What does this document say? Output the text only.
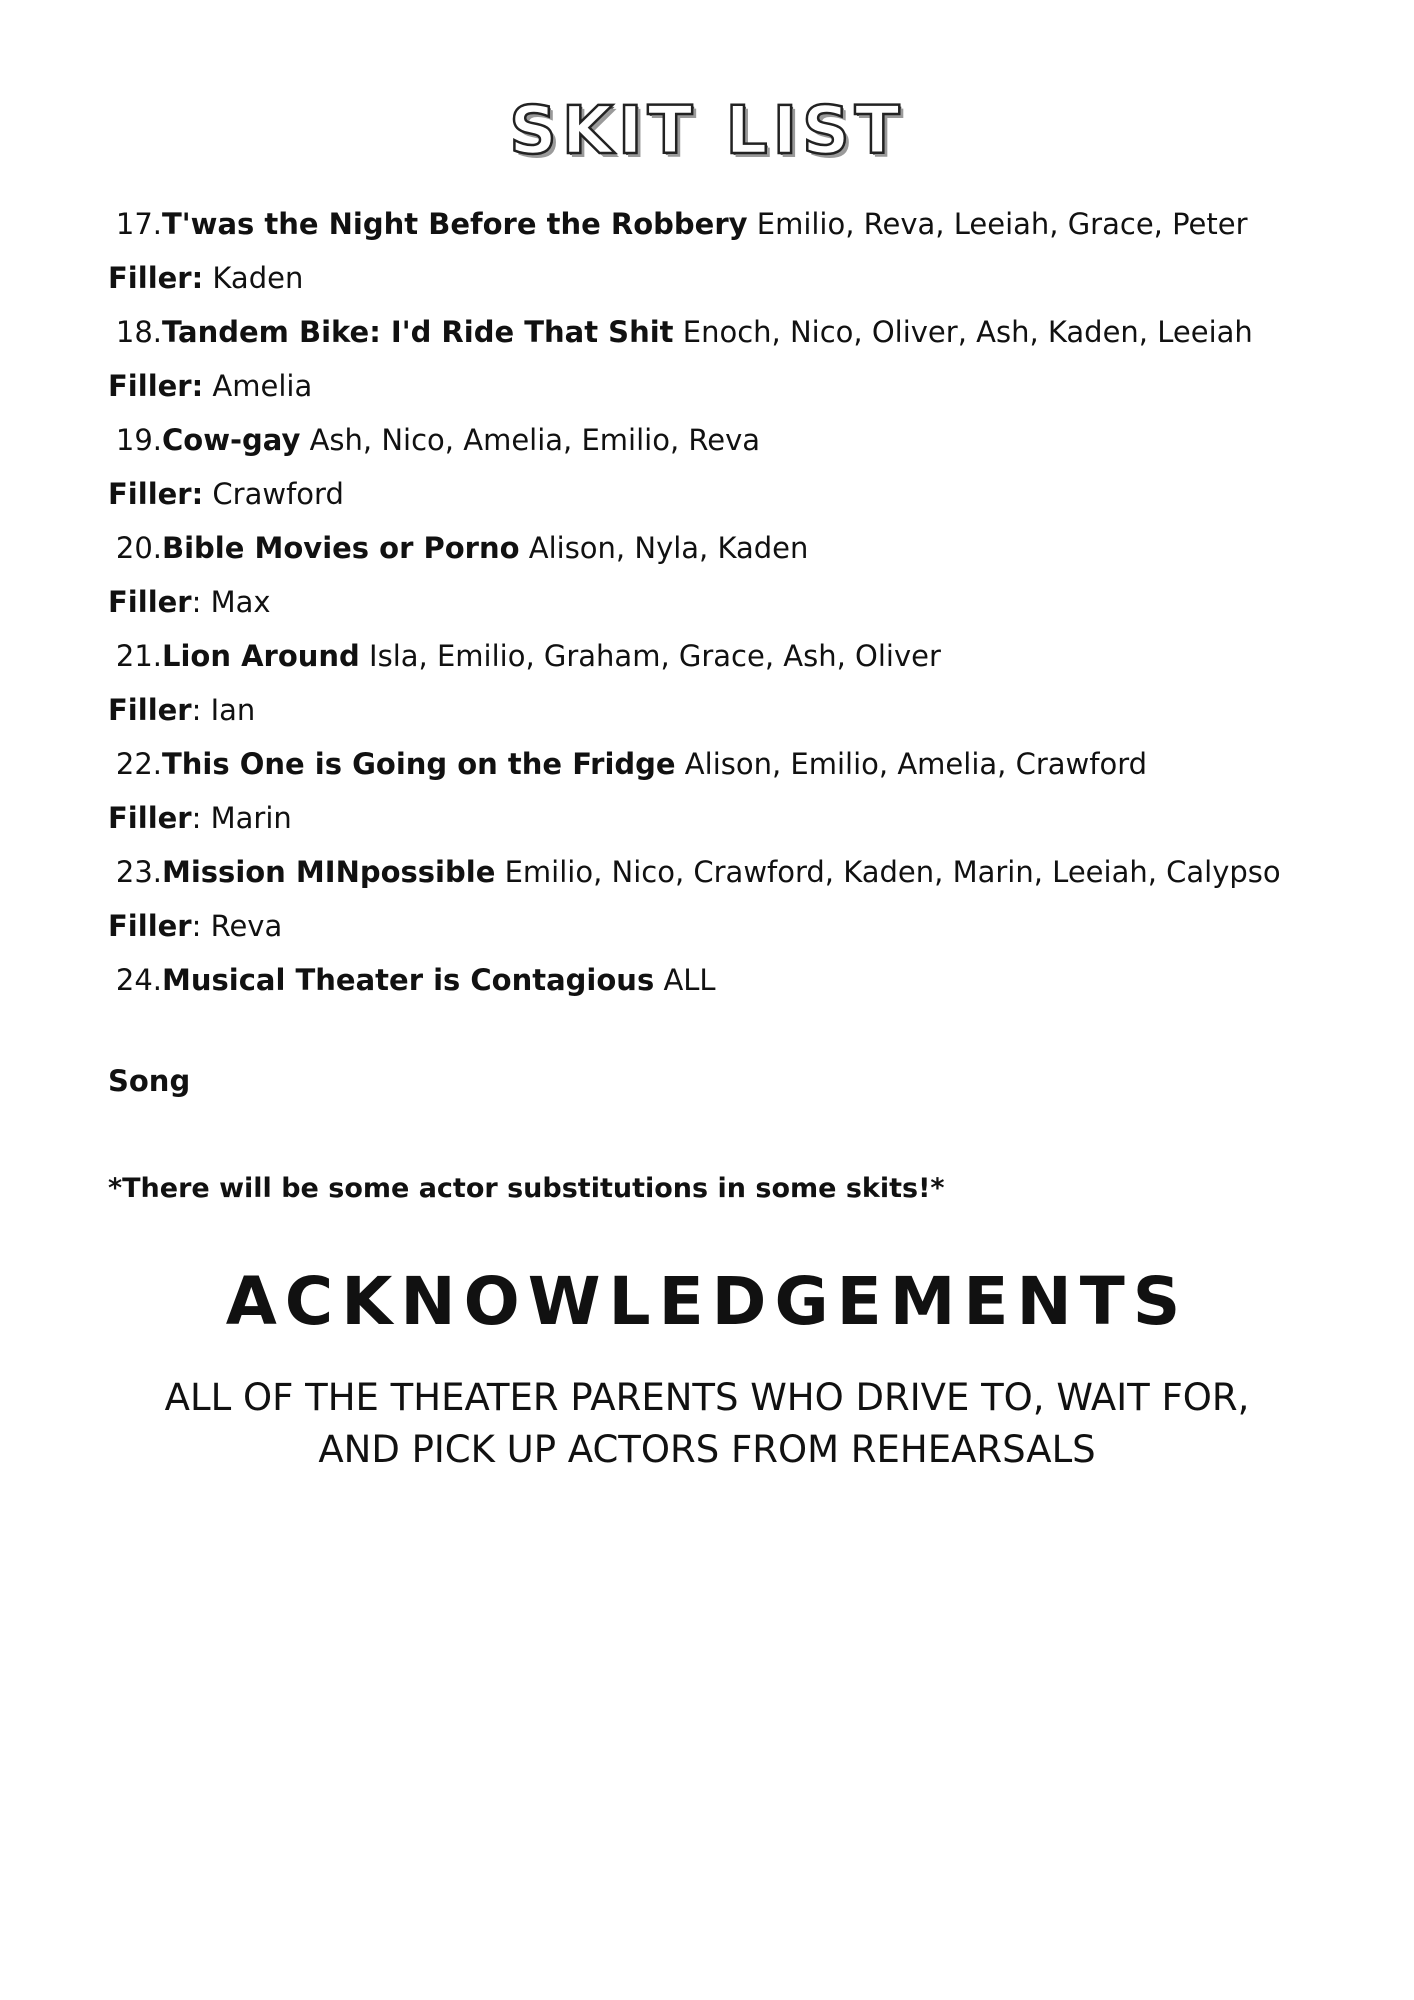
SKIT LIST
17.T'was the Night Before the Robbery Emilio, Reva, Leeiah, Grace, Peter
Filler: Kaden
18.Tandem Bike: I'd Ride That Shit Enoch, Nico, Oliver, Ash, Kaden, Leeiah
Filler: Amelia
19.Cow-gay Ash, Nico, Amelia, Emilio, Reva
Filler: Crawford
20.Bible Movies or Porno Alison, Nyla, Kaden
Filler: Max
21.Lion Around Isla, Emilio, Graham, Grace, Ash, Oliver
Filler: Ian
22.This One is Going on the Fridge Alison, Emilio, Amelia, Crawford
Filler: Marin
23.Mission MINpossible Emilio, Nico, Crawford, Kaden, Marin, Leeiah, Calypso
Filler: Reva
24.Musical Theater is Contagious ALL

Song

*There will be some actor substitutions in some skits!*

ACKNOWLEDGEMENTS
ALL OF THE THEATER PARENTS WHO DRIVE TO, WAIT FOR,
AND PICK UP ACTORS FROM REHEARSALS
